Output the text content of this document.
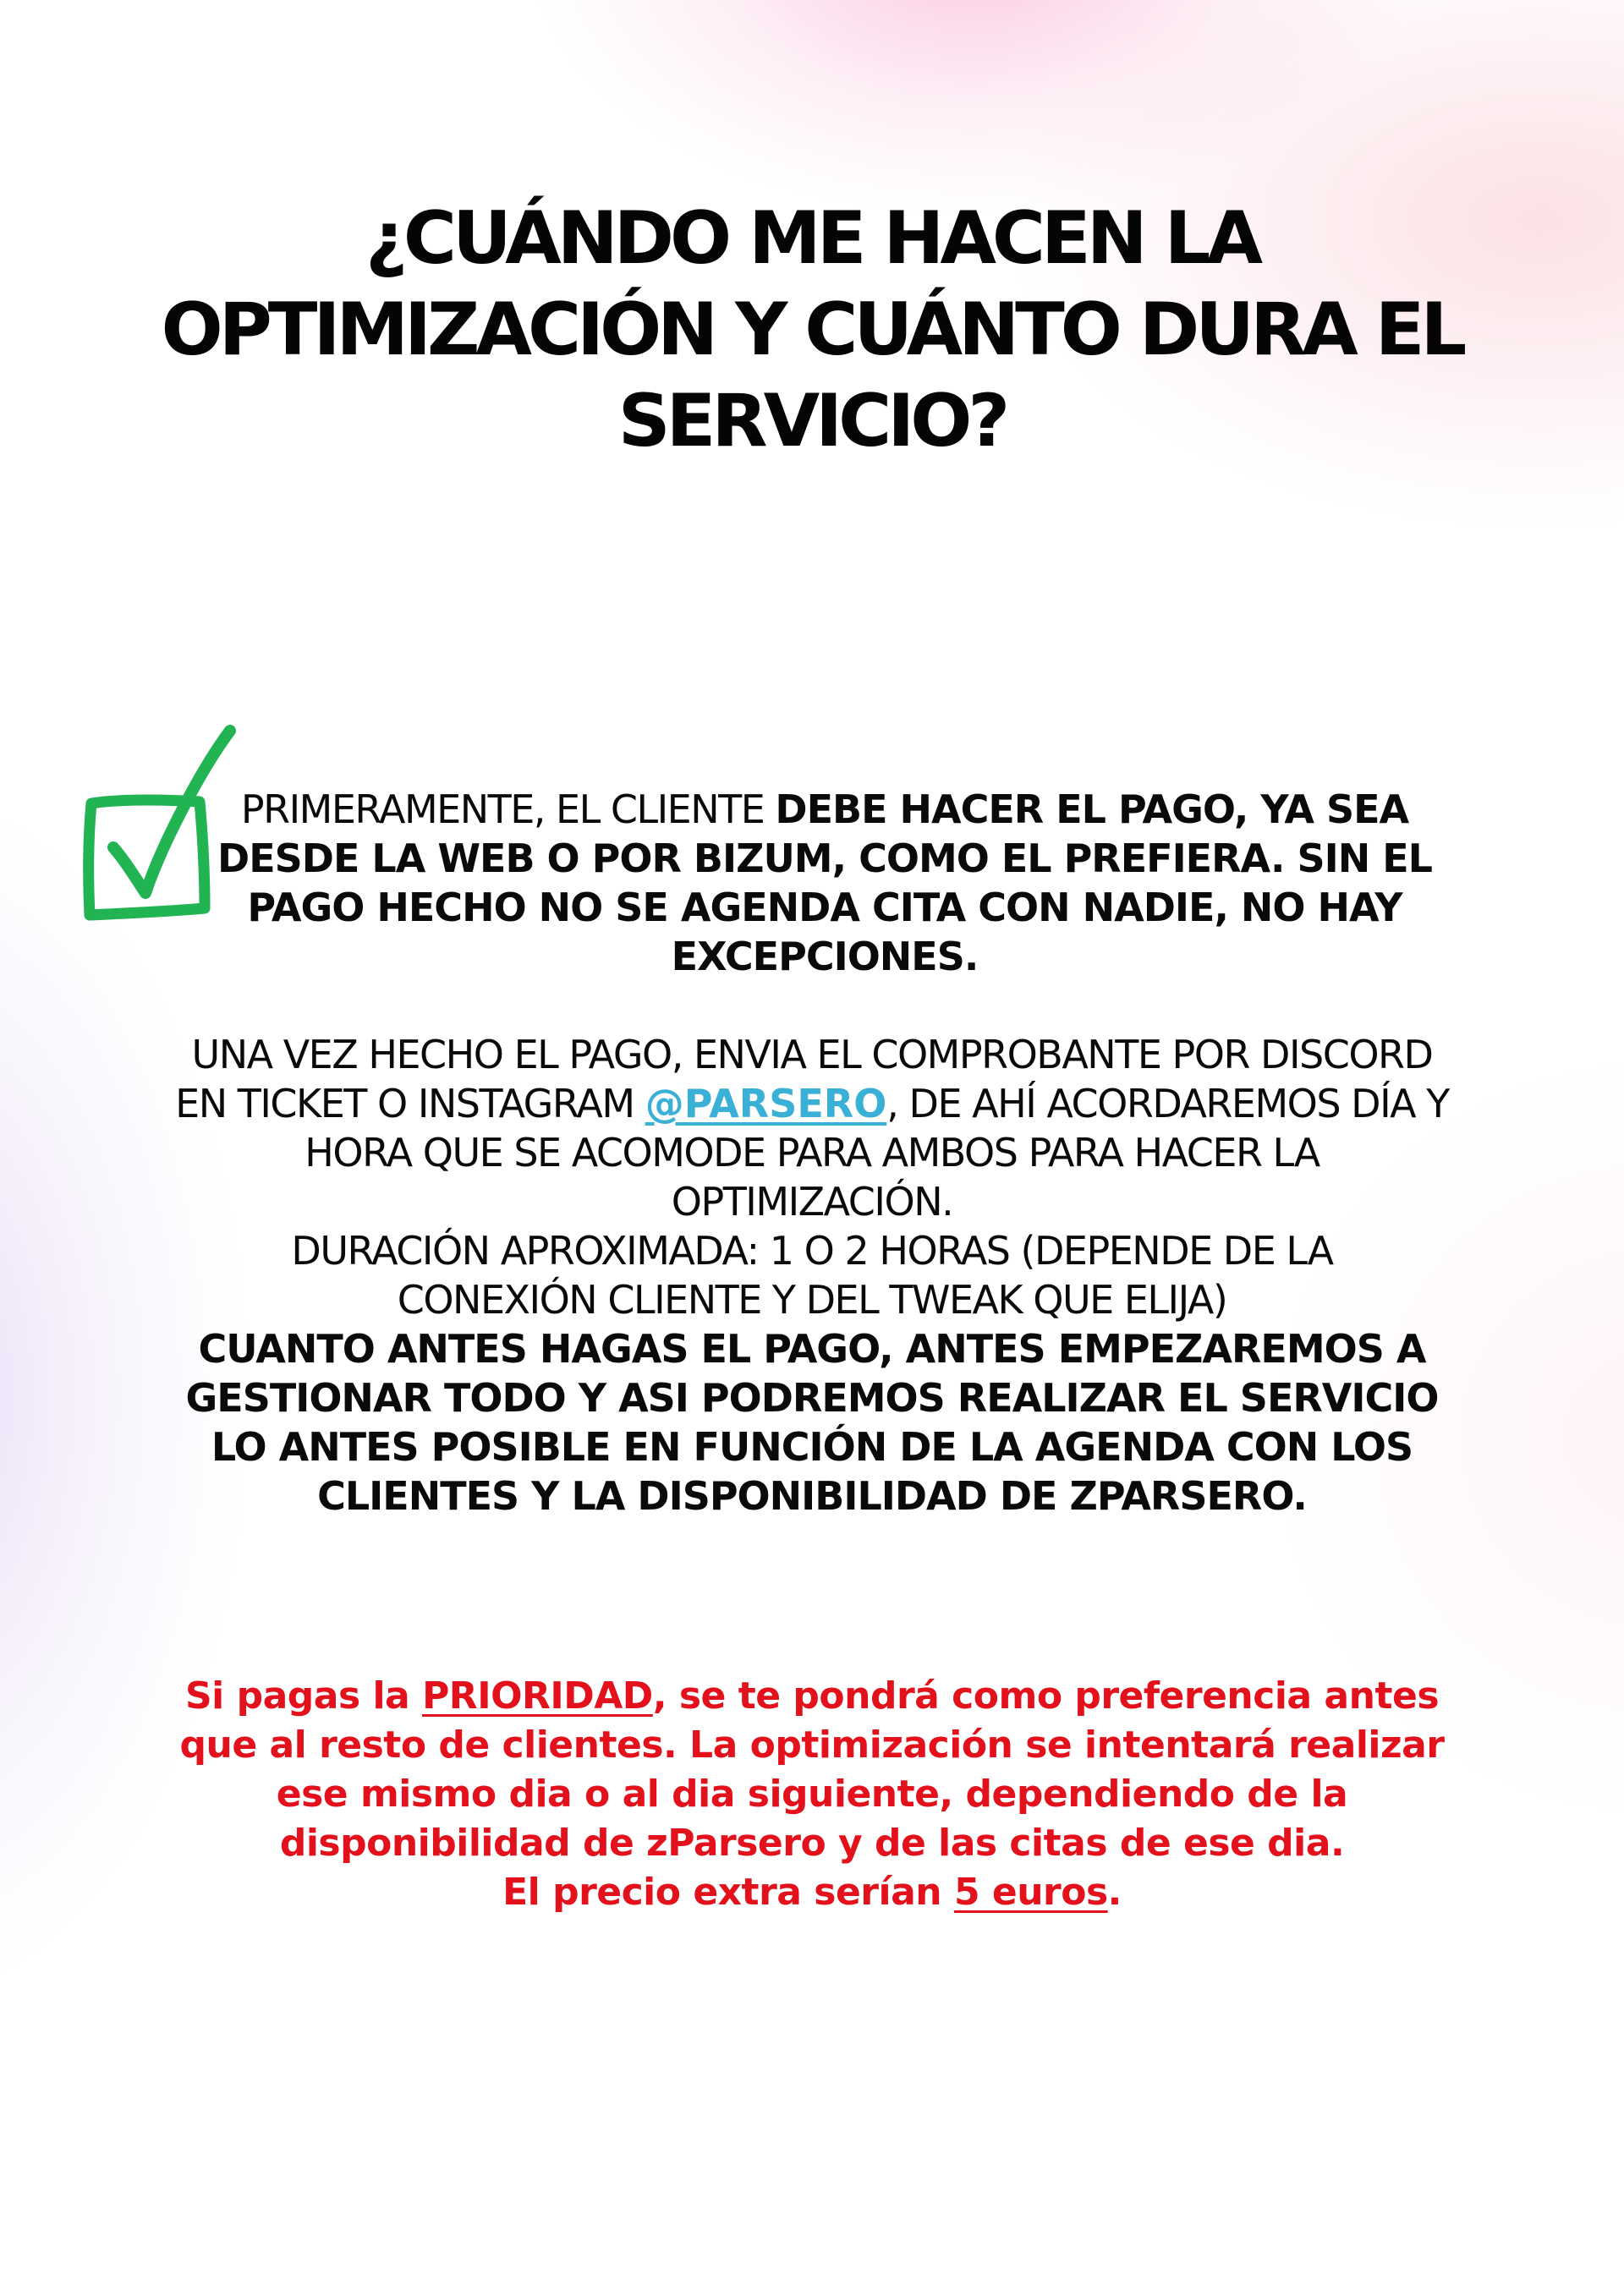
¿CUÁNDO ME HACEN LA
OPTIMIZACIÓN Y CUÁNTO DURA EL
SERVICIO?

PRIMERAMENTE, EL CLIENTE DEBE HACER EL PAGO, YA SEA DESDE LA WEB O POR BIZUM, COMO EL PREFIERA. SIN EL PAGO HECHO NO SE AGENDA CITA CON NADIE, NO HAY EXCEPCIONES.

UNA VEZ HECHO EL PAGO, ENVIA EL COMPROBANTE POR DISCORD EN TICKET O INSTAGRAM @PARSERO, DE AHÍ ACORDAREMOS DÍA Y HORA QUE SE ACOMODE PARA AMBOS PARA HACER LA OPTIMIZACIÓN.

DURACIÓN APROXIMADA: 1 O 2 HORAS (DEPENDE DE LA

CONEXIÓN CLIENTE Y DEL TWEAK QUE ELIJA)

CUANTO ANTES HAGAS EL PAGO, ANTES EMPEZAREMOS A GESTIONAR TODO Y ASI PODREMOS REALIZAR EL SERVICIO LO ANTES POSIBLE EN FUNCIÓN DE LA AGENDA CON LOS CLIENTES Y LA DISPONIBILIDAD DE ZPARSERO.

Si pagas la PRIORIDAD, se te pondrá como preferencia antes que al resto de clientes. La optimización se intentará realizar ese mismo dia o al dia siguiente, dependiendo de la disponibilidad de zParsero y de las citas de ese dia.
El precio extra serían 5 euros.
